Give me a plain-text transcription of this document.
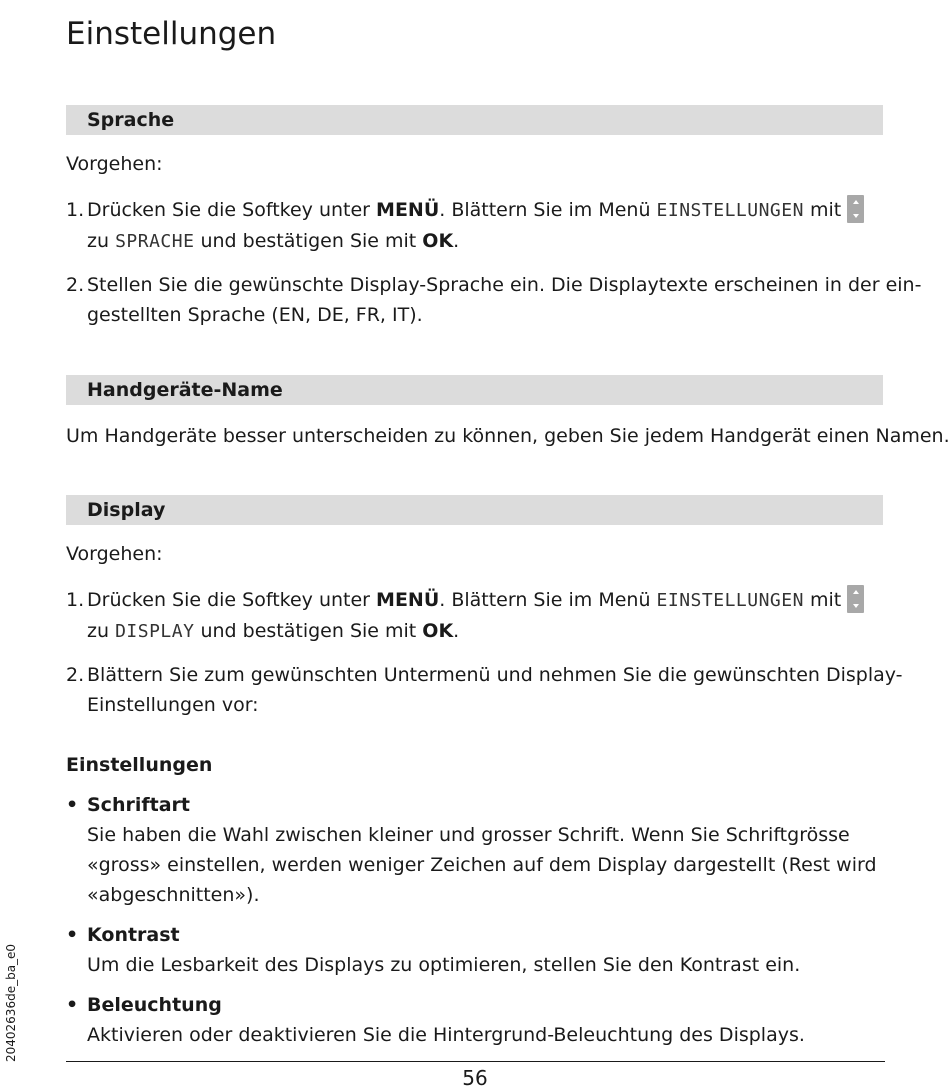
Einstellungen
Sprache

Vorgehen:

1. Drücken Sie die Softkey unter MENÜ. Blättern Sie im Menü EINSTELLUNGEN mit
zu SPRACHE und bestätigen Sie mit OK.
2. Stellen Sie die gewünschte Display-Sprache ein. Die Displaytexte erscheinen in der ein-
gestellten Sprache (EN, DE, FR, IT).
Handgeräte-Name

Um Handgeräte besser unterscheiden zu können, geben Sie jedem Handgerät einen Namen.

Display

Vorgehen:

1. Drücken Sie die Softkey unter MENÜ. Blättern Sie im Menü EINSTELLUNGEN mit
zu DISPLAY und bestätigen Sie mit OK.
2. Blättern Sie zum gewünschten Untermenü und nehmen Sie die gewünschten Display-
Einstellungen vor:
Einstellungen
• Schriftart
Sie haben die Wahl zwischen kleiner und grosser Schrift. Wenn Sie Schriftgrösse
«gross» einstellen, werden weniger Zeichen auf dem Display dargestellt (Rest wird
«abgeschnitten»).
• Kontrast
Um die Lesbarkeit des Displays zu optimieren, stellen Sie den Kontrast ein.
• Beleuchtung
Aktivieren oder deaktivieren Sie die Hintergrund-Beleuchtung des Displays.
20402636de_ba_e0
56
